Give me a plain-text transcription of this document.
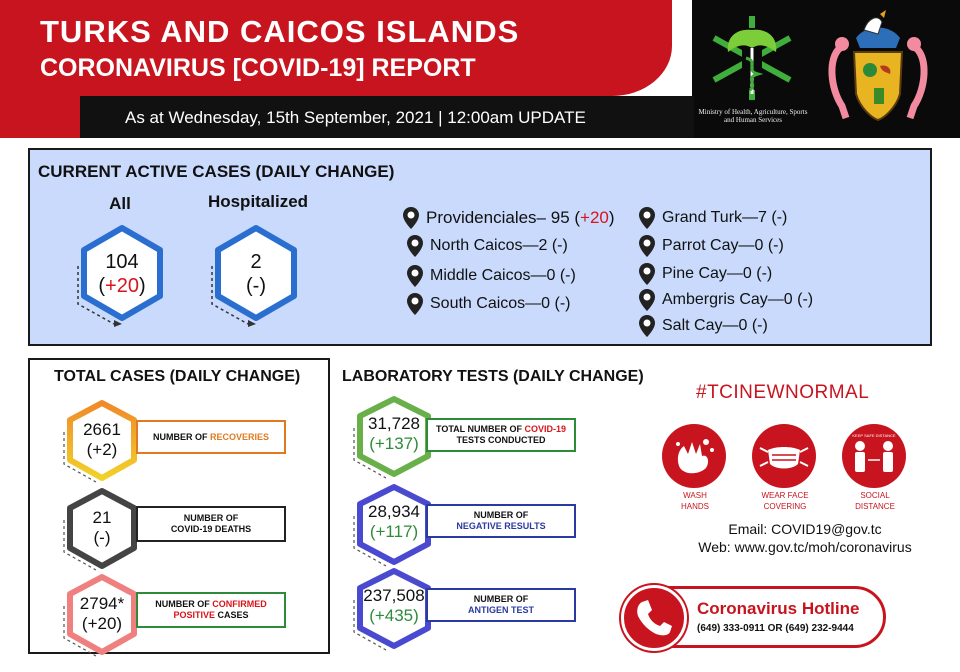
TURKS AND CAICOS ISLANDS
CORONAVIRUS [COVID-19] REPORT
As at Wednesday, 15th September, 2021 | 12:00am UPDATE	Ministry of Health, Agriculture, Sports and Human Services
CURRENT ACTIVE CASES (DAILY CHANGE)
All	Hospitalized
104
(+20)
2
(-)
Providenciales– 95 (+20)
North Caicos—2 (-)
Middle Caicos—0 (-)
South Caicos—0 (-)
Grand Turk—7 (-)
Parrot Cay—0 (-)
Pine Cay—0 (-)
Ambergris Cay—0 (-)
Salt Cay—0 (-)
TOTAL CASES (DAILY CHANGE)
2661
(+2)
NUMBER OF RECOVERIES
21
(-)
NUMBER OF
COVID-19 DEATHS
2794*
(+20)
NUMBER OF CONFIRMED
POSITIVE CASES
LABORATORY TESTS (DAILY CHANGE)
31,728
(+137)
TOTAL NUMBER OF COVID-19
TESTS CONDUCTED
28,934
(+117)
NUMBER OF
NEGATIVE RESULTS
237,508
(+435)
NUMBER OF
ANTIGEN TEST
#TCINEWNORMAL
WASH
HANDS
WEAR FACE
COVERING
KEEP SAFE DISTANCE
SOCIAL
DISTANCE
Email: COVID19@gov.tc
Web: www.gov.tc/moh/coronavirus
Coronavirus Hotline
(649) 333-0911 OR (649) 232-9444
